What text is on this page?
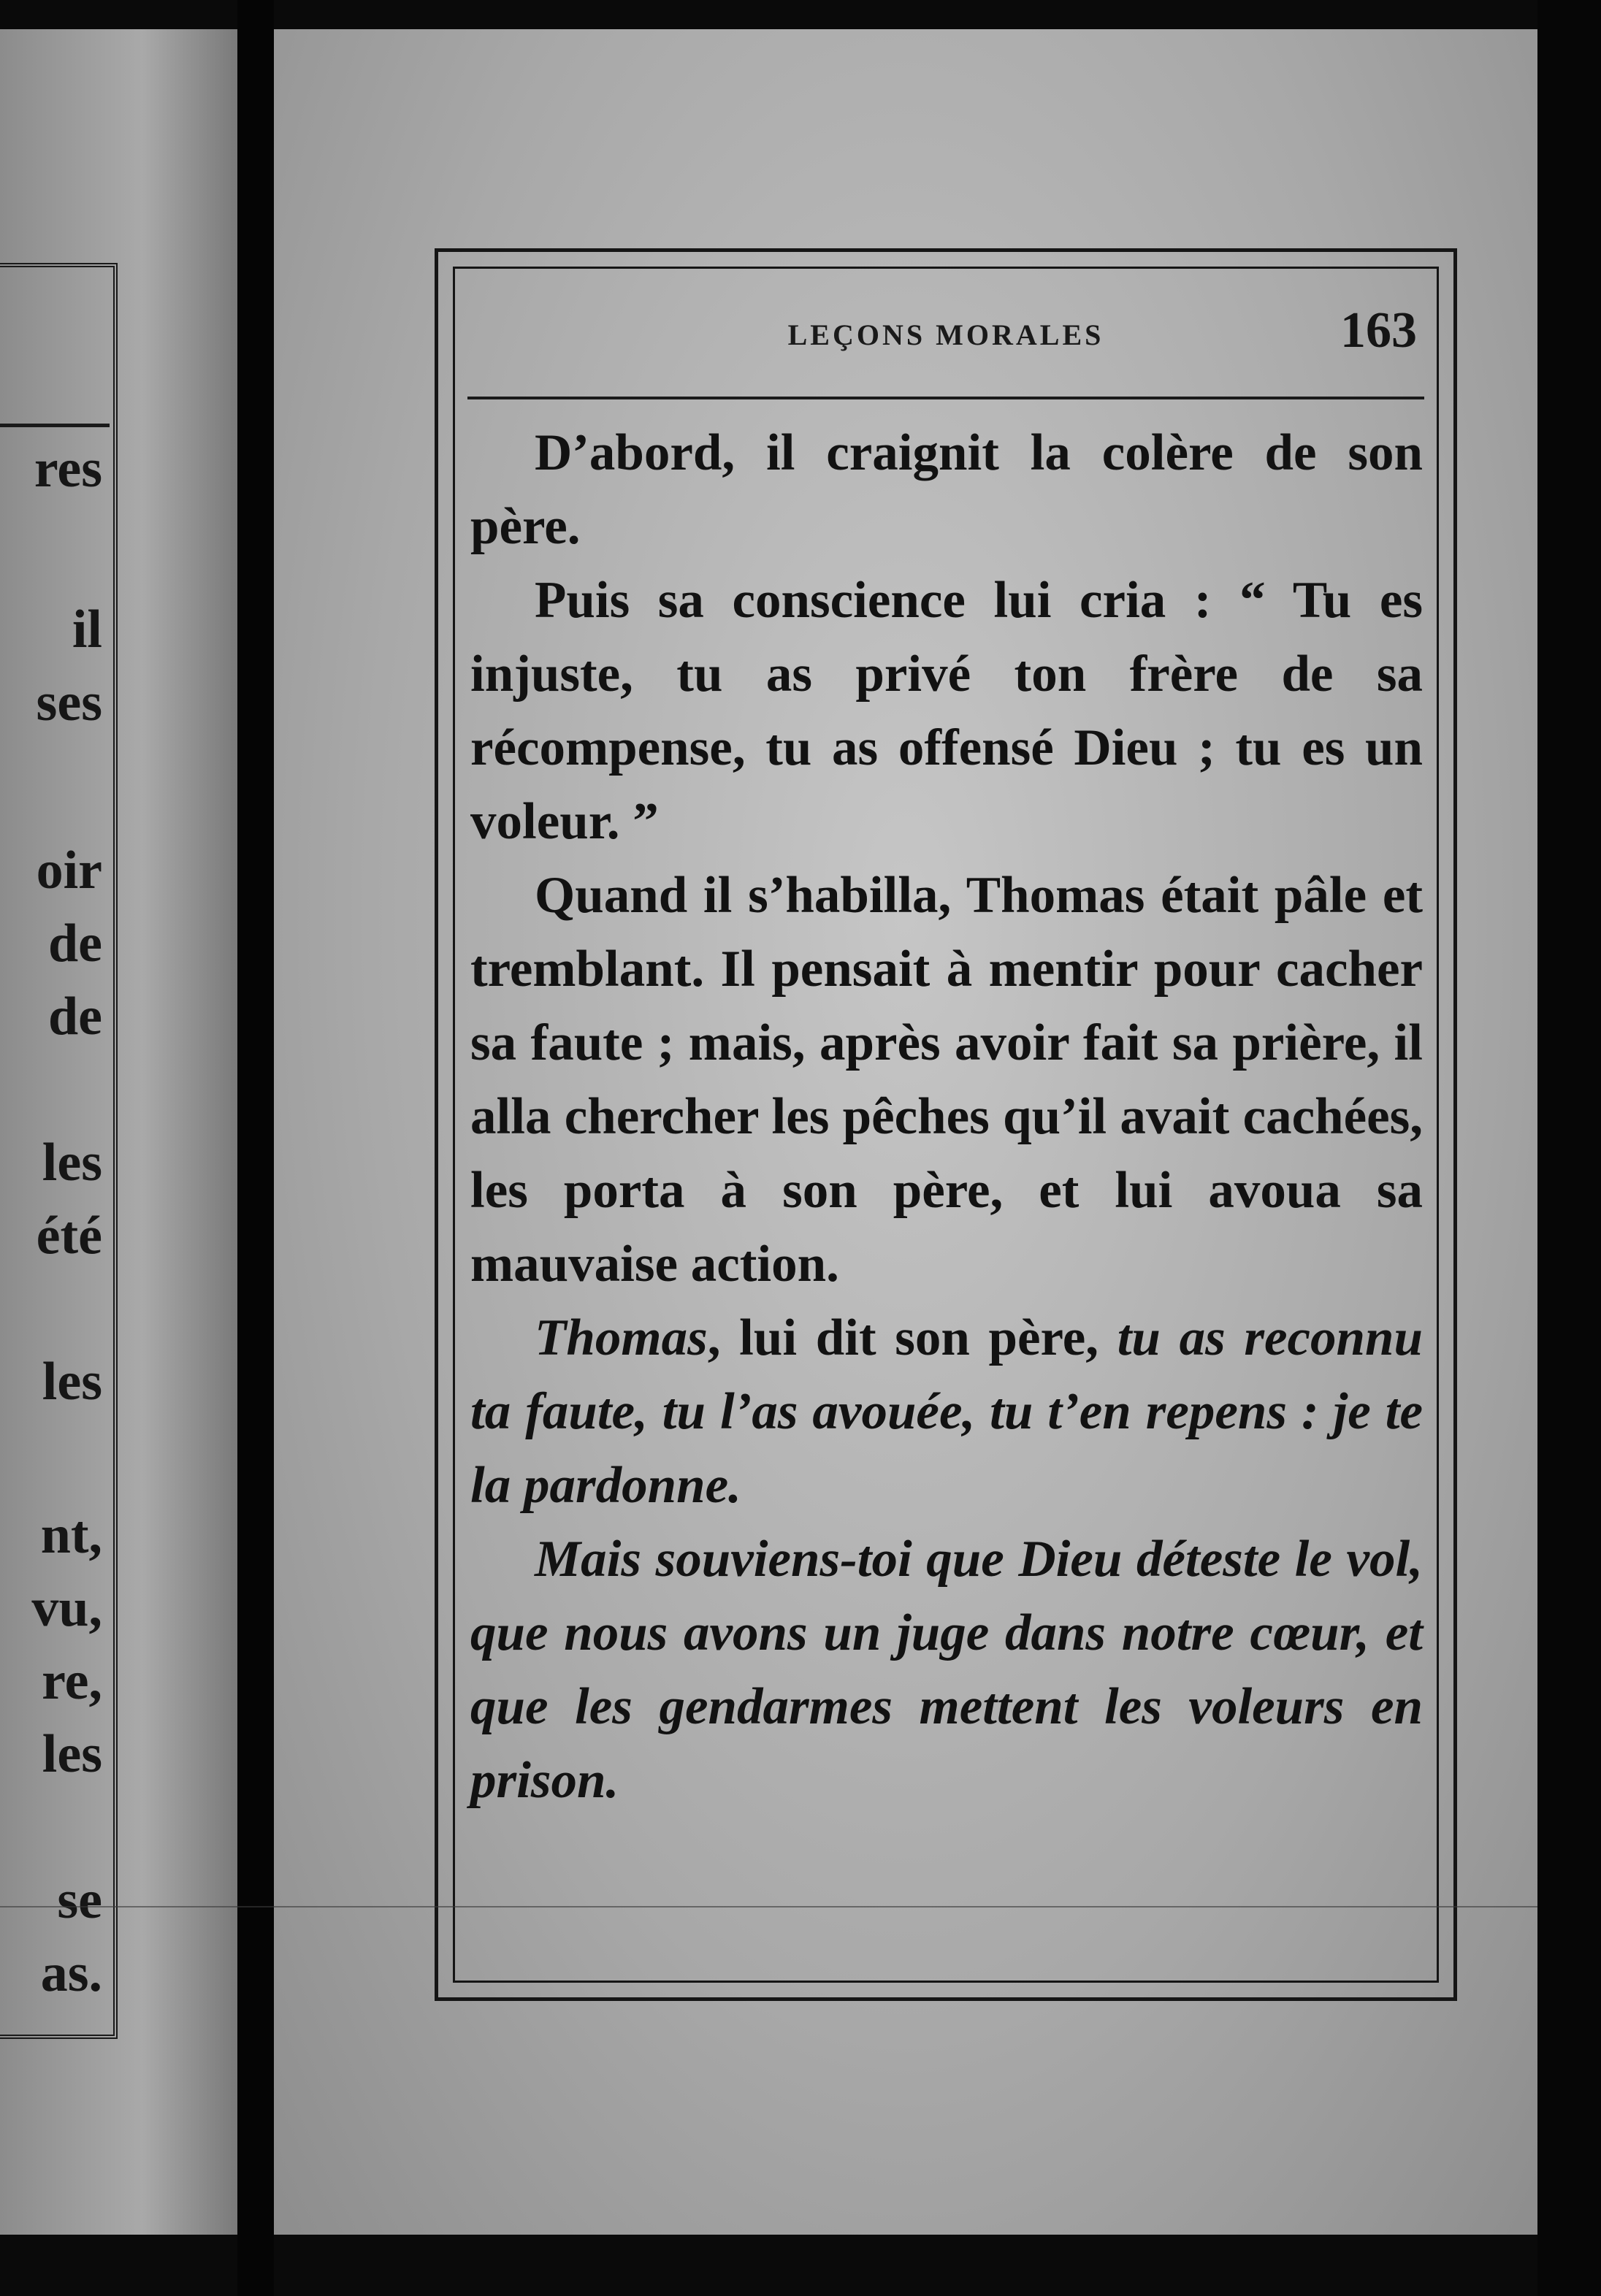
res
il
ses
oir
de
de
les
été
les
nt,
vu,
re,
les
se
as.
LEÇONS MORALES	163

D’abord, il craignit la colère de son père.

Puis sa conscience lui cria : “ Tu es injuste, tu as privé ton frère de sa récompense, tu as offensé Dieu ; tu es un voleur. ”

Quand il s’habilla, Thomas était pâle et tremblant. Il pensait à mentir pour cacher sa faute ; mais, après avoir fait sa prière, il alla chercher les pêches qu’il avait cachées, les porta à son père, et lui avoua sa mauvaise action.

Thomas, lui dit son père, tu as reconnu ta faute, tu l’as avouée, tu t’en repens : je te la pardonne.

Mais souviens-toi que Dieu déteste le vol, que nous avons un juge dans notre cœur, et que les gendarmes mettent les voleurs en prison.
